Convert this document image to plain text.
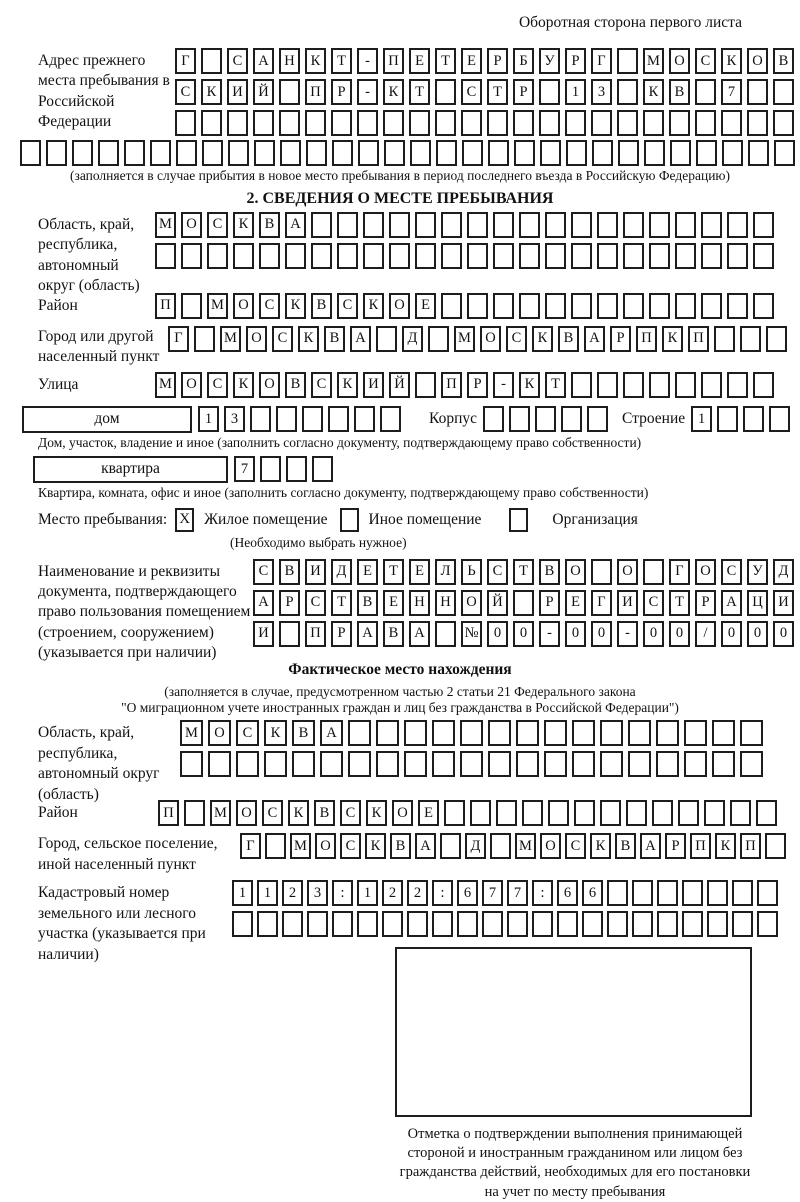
Оборотная сторона первого листа
Адрес прежнего места пребывания в Российской Федерации
Г	С	А	Н	К	Т	-	П	Е	Т	Е	Р	Б	У	Р	Г	М О	С	К	О	В
С	К	И	Й	П	Р	-	К	Т	С	Т	Р	1	3	К	В	7
(заполняется в случае прибытия в новое место пребывания в период последнего въезда в Российскую Федерацию)
2. СВЕДЕНИЯ О МЕСТЕ ПРЕБЫВАНИЯ
Область, край, республика, автономный округ (область)
М О	С	К	В	А
Район	П	М О	С	К	В	С	К	О	Е
Город или другой населенный пункт
Г	М О	С	К	В	А	Д	М О	С	К	В	А	Р	П	К	П
Улица	М О	С	К	О	В	С	К	И	Й	П	Р	-	К	Т
дом	1	3	Корпус	Строение 1
Дом, участок, владение и иное (заполнить согласно документу, подтверждающему право собственности)
квартира	7
Квартира, комната, офис и иное (заполнить согласно документу, подтверждающему право собственности)
Место пребывания: X Жилое помещение	Иное помещение	Организация
(Необходимо выбрать нужное)
Наименование и реквизиты документа, подтверждающего право пользования помещением (строением, сооружением) (указывается при наличии)
С	В	И	Д	Е	Т	Е	Л	Ь	С	Т	В	О	О	Г	О	С	У	Д
А	Р	С	Т	В	Е	Н	Н	О	Й	Р	Е	Г	И	С	Т	Р	А	Ц	И
И	П	Р	А	В	А	№	0	0	-	0	0	-	0	0	/	0	0	0
Фактическое место нахождения
(заполняется в случае, предусмотренном частью 2 статьи 21 Федерального закона
"О миграционном учете иностранных граждан и лиц без гражданства в Российской Федерации")
Область, край, республика, автономный округ (область)
М	О	С	К	В	А
Район	П	М О	С	К	В	С	К	О	Е
Город, сельское поселение, иной населенный пункт
Г	М О	С	К	В	А	Д	М О	С	К	В	А	Р	П	К	П
Кадастровый номер земельного или лесного участка (указывается при наличии)
1	1	2	3	:	1	2	2	:	6	7	7	:	6	6
Отметка о подтверждении выполнения принимающей
стороной и иностранным гражданином или лицом без
гражданства действий, необходимых для его постановки
на учет по месту пребывания
